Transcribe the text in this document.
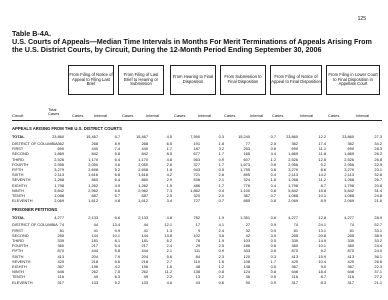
125
Table B-4A.
U.S. Courts of Appeals—Median Time Intervals in Months For Merit Terminations of Appeals Arising From
the U.S. District Courts, by Circuit, During the 12-Month Period Ending September 30, 2006
From Filing of Notice of Appeal to Filing Last Brief
From Filing of Last Brief to Hearing or Submission
From Hearing to Final Disposition
From Submission to Final Disposition
From Filing of Notice of Appeal to Final Disposition
From Filing in Lower Court to Final Disposition in Appellate Court
Circuit
Total Cases	Cases	Interval	Cases	Interval	Cases	Interval	Cases	Interval Cases	Interval	Cases	Interval
APPEALS ARISING FROM THE U.S. DISTRICT COURTS
TOTAL	23,860	15,467	5.7	15,467	4.5	7,590	0.3	15,240	0.7	23,860	12.2	23,860	27.3
DISTRICT OF COLUMBIA 362	268	8.9	268	6.5	191	1.8	77	2.5	362	17.4	362	34.2
FIRST	690	440	7.4	440	1.7	187	3.2	253	0.8	690	11.1	690	28.3
SECOND	1,869	842	5.8	842	8.5	677	1.7	165	4.4	1,869	11.8	1,869	26.2
THIRD	2,526	1,170	6.4	1,170	4.8	563	0.9	607	1.2	2,526	12.8	2,526	26.8
FOURTH	2,956	2,050	4.6	2,050	2.6	377	1.7	1,673	0.8	2,956	9.2	2,956	22.9
FIFTH	3,279	2,698	5.2	2,698	1.8	943	0.5	1,755	0.8	3,279	8.6	3,279	23.1
SIXTH	2,113	1,616	6.8	1,616	4.2	721	2.6	895	0.4	2,113	14.2	2,113	32.8
SEVENTH	1,268	860	6.4	860	2.9	536	2.1	324	1.8	1,268	11.2	1,268	26.7
EIGHTH	1,798	1,262	4.9	1,262	1.5	486	1.7	776	0.4	1,798	8.7	1,798	20.8
NINTH	5,842	2,962	6.6	2,962	7.3	1,862	0.4	1,100	0.8	5,842	15.8	5,842	31.4
TENTH	1,088	687	5.7	687	2.5	320	2.0	367	0.7	1,088	10.1	1,088	24.8
ELEVENTH	2,069	1,612	4.8	1,612	3.4	727	0.7	885	0.8	2,069	8.9	2,069	21.6
PRISONER PETITIONS
TOTAL	4,277	2,133	6.6	2,133	4.8	782	1.9	1,351	0.6	4,277	12.8	4,277	28.9
DISTRICT OF COLUMBIA 74	44	13.4	44	12.1	17	4.1	27	0.9	74	24.1	74	52.7
FIRST	81	41	9.9	41	1.3	9	2.4	32	0.9	81	13.1	81	33.1
SECOND	265	144	10.1	144	13.8	102	3.6	42	3.9	265	20.8	265	38.9
THIRD	339	181	8.1	181	6.2	78	1.9	103	0.5	339	14.9	339	33.2
FOURTH	360	217	5.4	217	2.4	29	2.5	188	0.8	360	10.1	360	24.4
FIFTH	870	444	5.8	444	2.1	111	0.9	333	0.6	870	9.2	870	24.0
SIXTH	413	204	7.9	204	5.6	84	2.3	120	0.3	413	15.9	413	36.1
SEVENTH	429	218	5.6	218	2.7	110	1.6	108	1.7	429	10.4	429	26.6
EIGHTH	367	196	4.2	196	1.6	48	1.2	148	0.5	367	9.0	367	22.3
NINTH	646	262	7.5	262	11.2	138	0.8	124	0.8	646	18.4	646	37.1
TENTH	116	49	6.3	49	2.2	13	2.2	36	0.5	116	8.7	116	27.2
ELEVENTH	317	133	5.2	133	4.6	43	0.6	90	0.9	317	8.3	317	21.1
